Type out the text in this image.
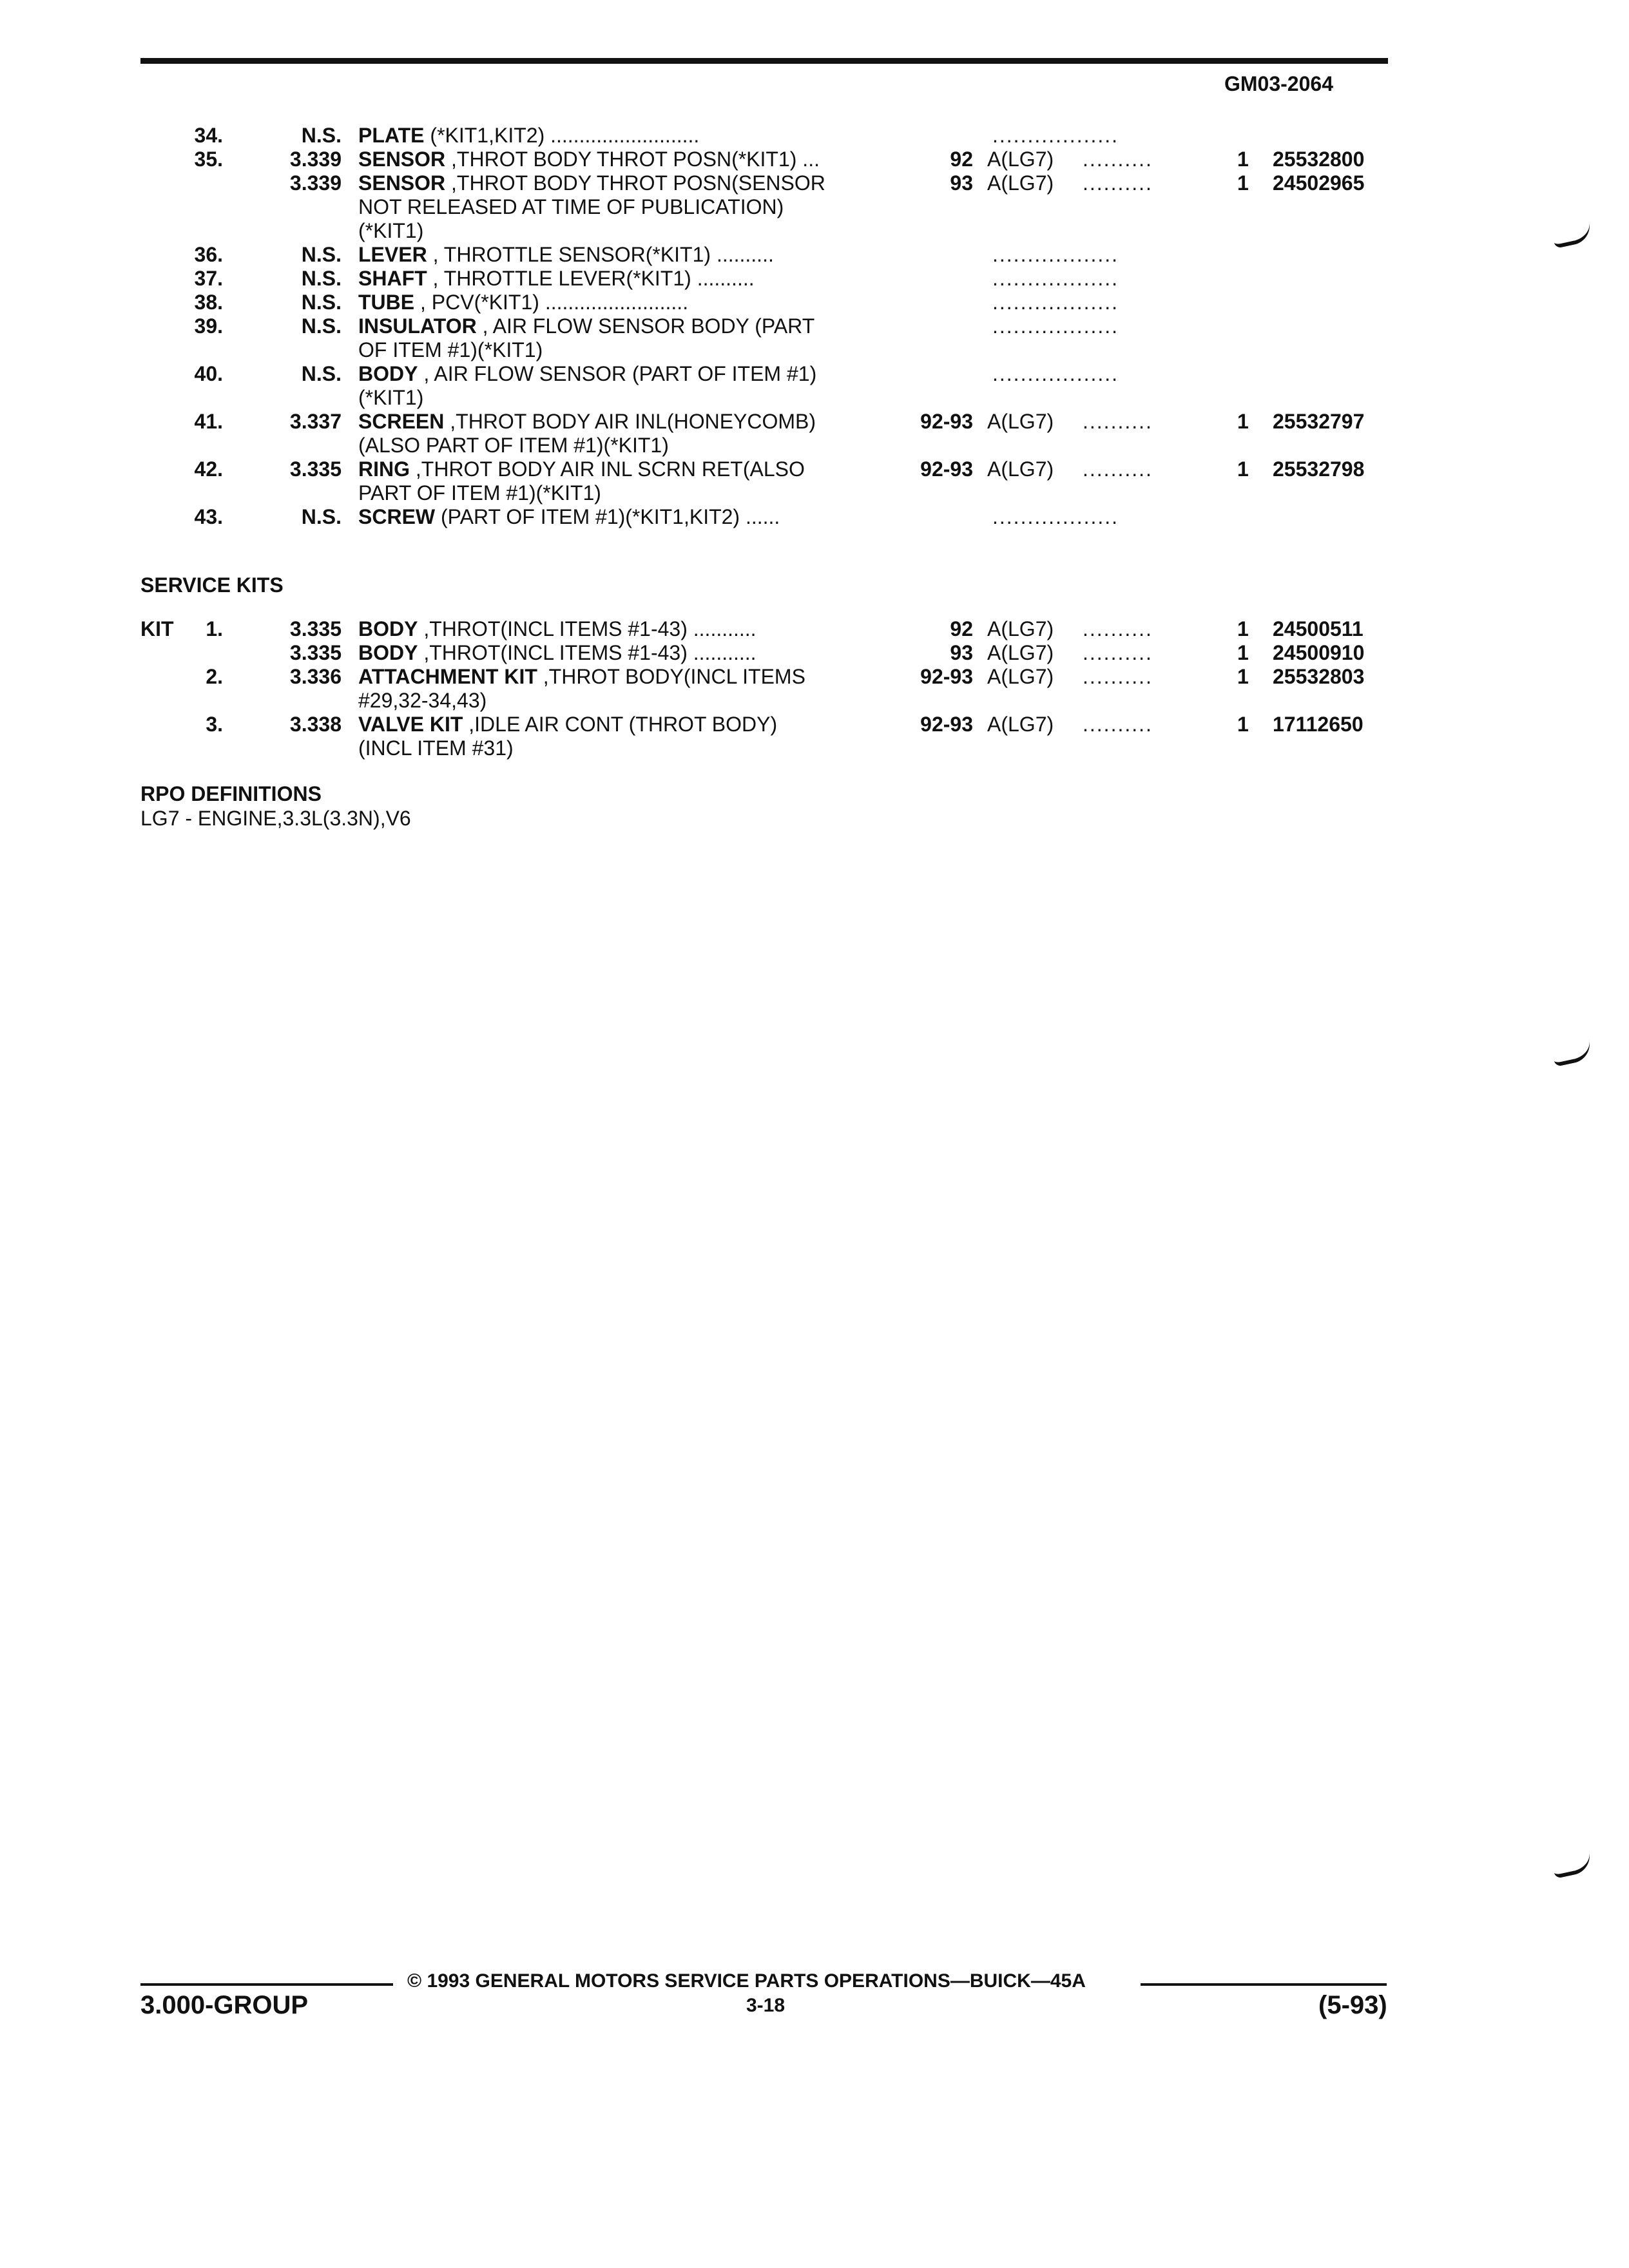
GM03-2064
34.	N.S. PLATE (*KIT1,KIT2) ..........................	..................
35.	3.339 SENSOR ,THROT BODY THROT POSN(*KIT1) ...	92 A(LG7) ..........	1 25532800
3.339 SENSOR ,THROT BODY THROT POSN(SENSOR
NOT RELEASED AT TIME OF PUBLICATION)
(*KIT1)
93 A(LG7) ..........	1 24502965
36.	N.S. LEVER , THROTTLE SENSOR(*KIT1) ..........	..................
37.	N.S. SHAFT , THROTTLE LEVER(*KIT1) ..........	..................
38.	N.S. TUBE , PCV(*KIT1) .........................	..................
39.	N.S. INSULATOR , AIR FLOW SENSOR BODY (PART
OF ITEM #1)(*KIT1)
..................
40.	N.S. BODY , AIR FLOW SENSOR (PART OF ITEM #1)
(*KIT1)
..................
41.	3.337 SCREEN ,THROT BODY AIR INL(HONEYCOMB)
(ALSO PART OF ITEM #1)(*KIT1)
92-93 A(LG7) ..........	1 25532797
42.	3.335 RING ,THROT BODY AIR INL SCRN RET(ALSO
PART OF ITEM #1)(*KIT1)
92-93 A(LG7) ..........	1 25532798
43.	N.S. SCREW (PART OF ITEM #1)(*KIT1,KIT2) ......	..................
SERVICE KITS
KIT	1.	3.335 BODY ,THROT(INCL ITEMS #1-43) ...........	92 A(LG7) ..........	1 24500511
3.335 BODY ,THROT(INCL ITEMS #1-43) ...........	93 A(LG7) ..........	1 24500910
2.	3.336 ATTACHMENT KIT ,THROT BODY(INCL ITEMS
#29,32-34,43)
92-93 A(LG7) ..........	1 25532803
3.	3.338 VALVE KIT ,IDLE AIR CONT (THROT BODY)
(INCL ITEM #31)
92-93 A(LG7) ..........	1 17112650
RPO DEFINITIONS
LG7 - ENGINE,3.3L(3.3N),V6
© 1993 GENERAL MOTORS SERVICE PARTS OPERATIONS—BUICK—45A
3.000-GROUP	3-18	(5-93)
